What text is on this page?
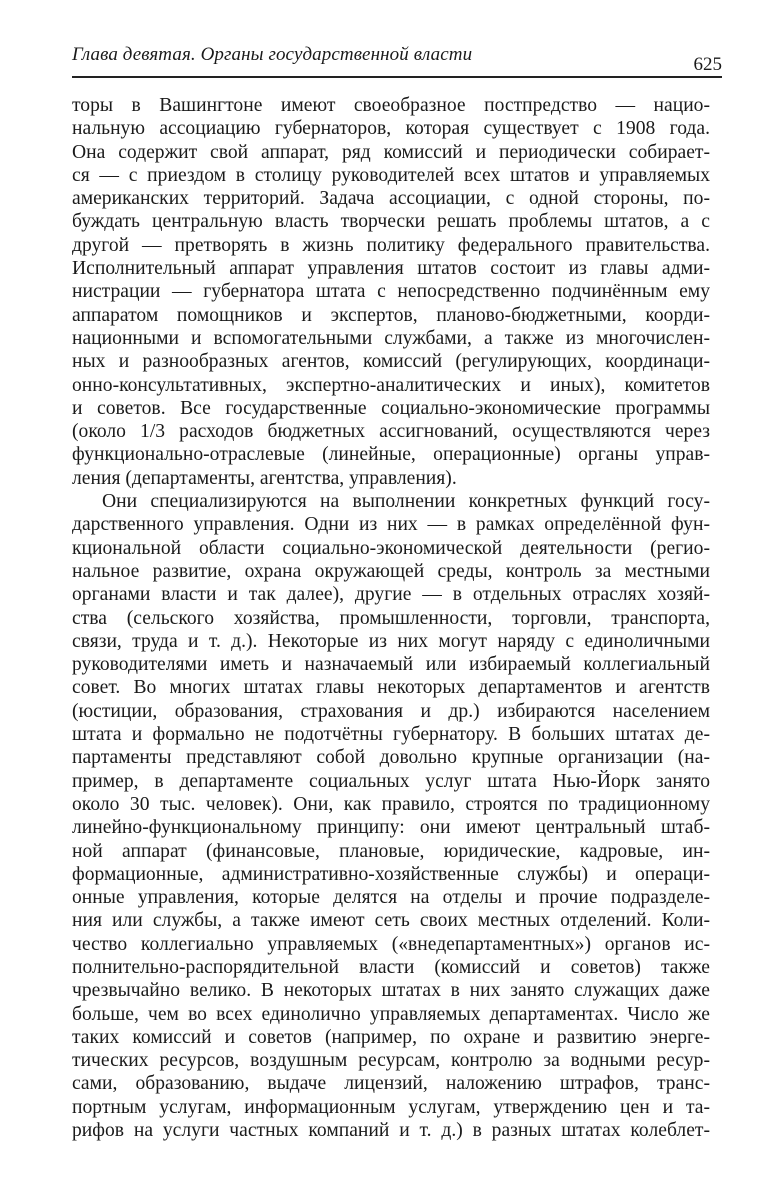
Глава девятая. Органы государственной власти	625

торы в Вашингтоне имеют своеобразное постпредство — нацио-
нальную ассоциацию губернаторов, которая существует с 1908 года.
Она содержит свой аппарат, ряд комиссий и периодически собирает-
ся — с приездом в столицу руководителей всех штатов и управляемых
американских территорий. Задача ассоциации, с одной стороны, по-
буждать центральную власть творчески решать проблемы штатов, а с
другой — претворять в жизнь политику федерального правительства.
Исполнительный аппарат управления штатов состоит из главы адми-
нистрации — губернатора штата с непосредственно подчинённым ему
аппаратом помощников и экспертов, планово-бюджетными, коорди-
национными и вспомогательными службами, а также из многочислен-
ных и разнообразных агентов, комиссий (регулирующих, координаци-
онно-консультативных, экспертно-аналитических и иных), комитетов
и советов. Все государственные социально-экономические программы
(около 1/3 расходов бюджетных ассигнований, осуществляются через
функционально-отраслевые (линейные, операционные) органы управ-
ления (департаменты, агентства, управления).

Они специализируются на выполнении конкретных функций госу-
дарственного управления. Одни из них — в рамках определённой фун-
кциональной области социально-экономической деятельности (регио-
нальное развитие, охрана окружающей среды, контроль за местными
органами власти и так далее), другие — в отдельных отраслях хозяй-
ства (сельского хозяйства, промышленности, торговли, транспорта,
связи, труда и т. д.). Некоторые из них могут наряду с единоличными
руководителями иметь и назначаемый или избираемый коллегиальный
совет. Во многих штатах главы некоторых департаментов и агентств
(юстиции, образования, страхования и др.) избираются населением
штата и формально не подотчётны губернатору. В больших штатах де-
партаменты представляют собой довольно крупные организации (на-
пример, в департаменте социальных услуг штата Нью-Йорк занято
около 30 тыс. человек). Они, как правило, строятся по традиционному
линейно-функциональному принципу: они имеют центральный штаб-
ной аппарат (финансовые, плановые, юридические, кадровые, ин-
формационные, административно-хозяйственные службы) и операци-
онные управления, которые делятся на отделы и прочие подразделе-
ния или службы, а также имеют сеть своих местных отделений. Коли-
чество коллегиально управляемых («внедепартаментных») органов ис-
полнительно-распорядительной власти (комиссий и советов) также
чрезвычайно велико. В некоторых штатах в них занято служащих даже
больше, чем во всех единолично управляемых департаментах. Число же
таких комиссий и советов (например, по охране и развитию энерге-
тических ресурсов, воздушным ресурсам, контролю за водными ресур-
сами, образованию, выдаче лицензий, наложению штрафов, транс-
портным услугам, информационным услугам, утверждению цен и та-
рифов на услуги частных компаний и т. д.) в разных штатах колеблет-
